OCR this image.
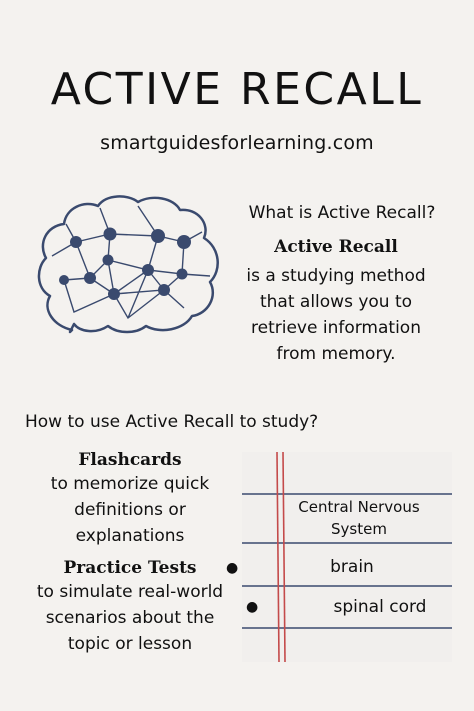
ACTIVE RECALL
smartguidesforlearning.com
What is Active Recall?
Active Recall
is a studying method
that allows you to
retrieve information
from memory.
How to use Active Recall to study?
Flashcards
to memorize quick
definitions or
explanations
Practice Tests
to simulate real-world
scenarios about the
topic or lesson
●
●
Central Nervous
System
brain
spinal cord
